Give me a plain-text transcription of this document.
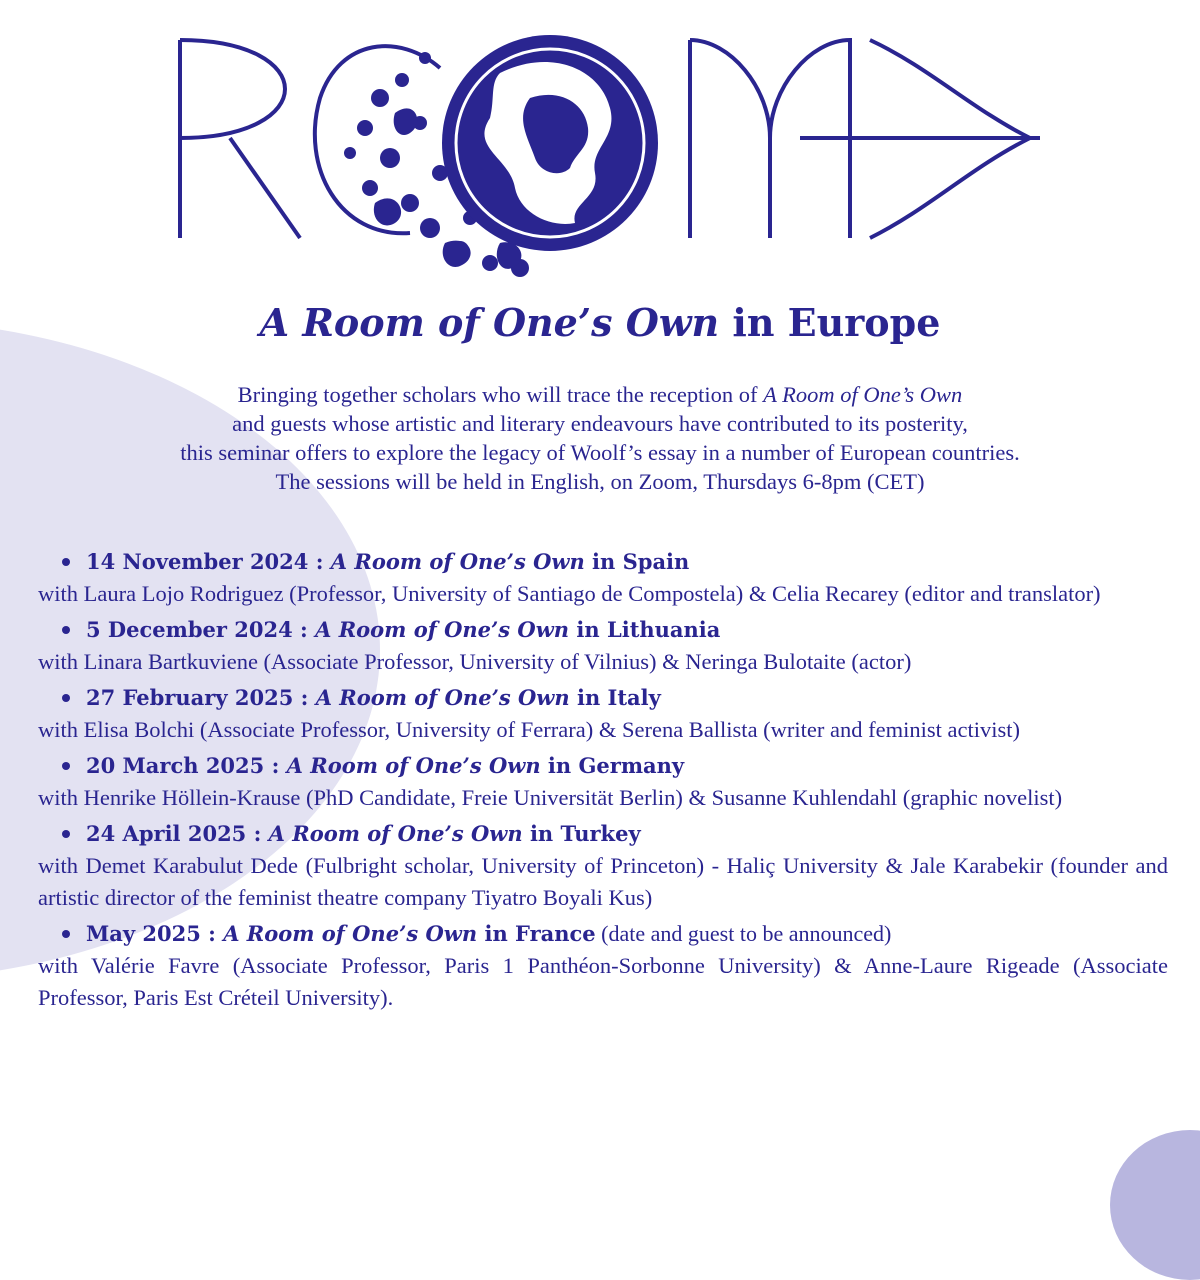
A Room of One’s Own in Europe

Bringing together scholars who will trace the reception of A Room of One’s Own

and guests whose artistic and literary endeavours have contributed to its posterity,

this seminar offers to explore the legacy of Woolf’s essay in a number of European countries.

The sessions will be held in English, on Zoom, Thursdays 6-8pm (CET)

14 November 2024 : A Room of One’s Own in Spain
with Laura Lojo Rodriguez (Professor, University of Santiago de Compostela) & Celia Recarey (editor and translator)
5 December 2024 : A Room of One’s Own in Lithuania
with Linara Bartkuviene (Associate Professor, University of Vilnius) & Neringa Bulotaite (actor)
27 February 2025 : A Room of One’s Own in Italy
with Elisa Bolchi (Associate Professor, University of Ferrara) & Serena Ballista (writer and feminist activist)
20 March 2025 : A Room of One’s Own in Germany
with Henrike Höllein-Krause (PhD Candidate, Freie Universität Berlin) & Susanne Kuhlendahl (graphic novelist)
24 April 2025 : A Room of One’s Own in Turkey
with Demet Karabulut Dede (Fulbright scholar, University of Princeton) - Haliç University & Jale Karabekir (founder and artistic director of the feminist theatre company Tiyatro Boyali Kus)
May 2025 : A Room of One’s Own in France (date and guest to be announced)
with Valérie Favre (Associate Professor, Paris 1 Panthéon-Sorbonne University) & Anne-Laure Rigeade (Associate Professor, Paris Est Créteil University).
